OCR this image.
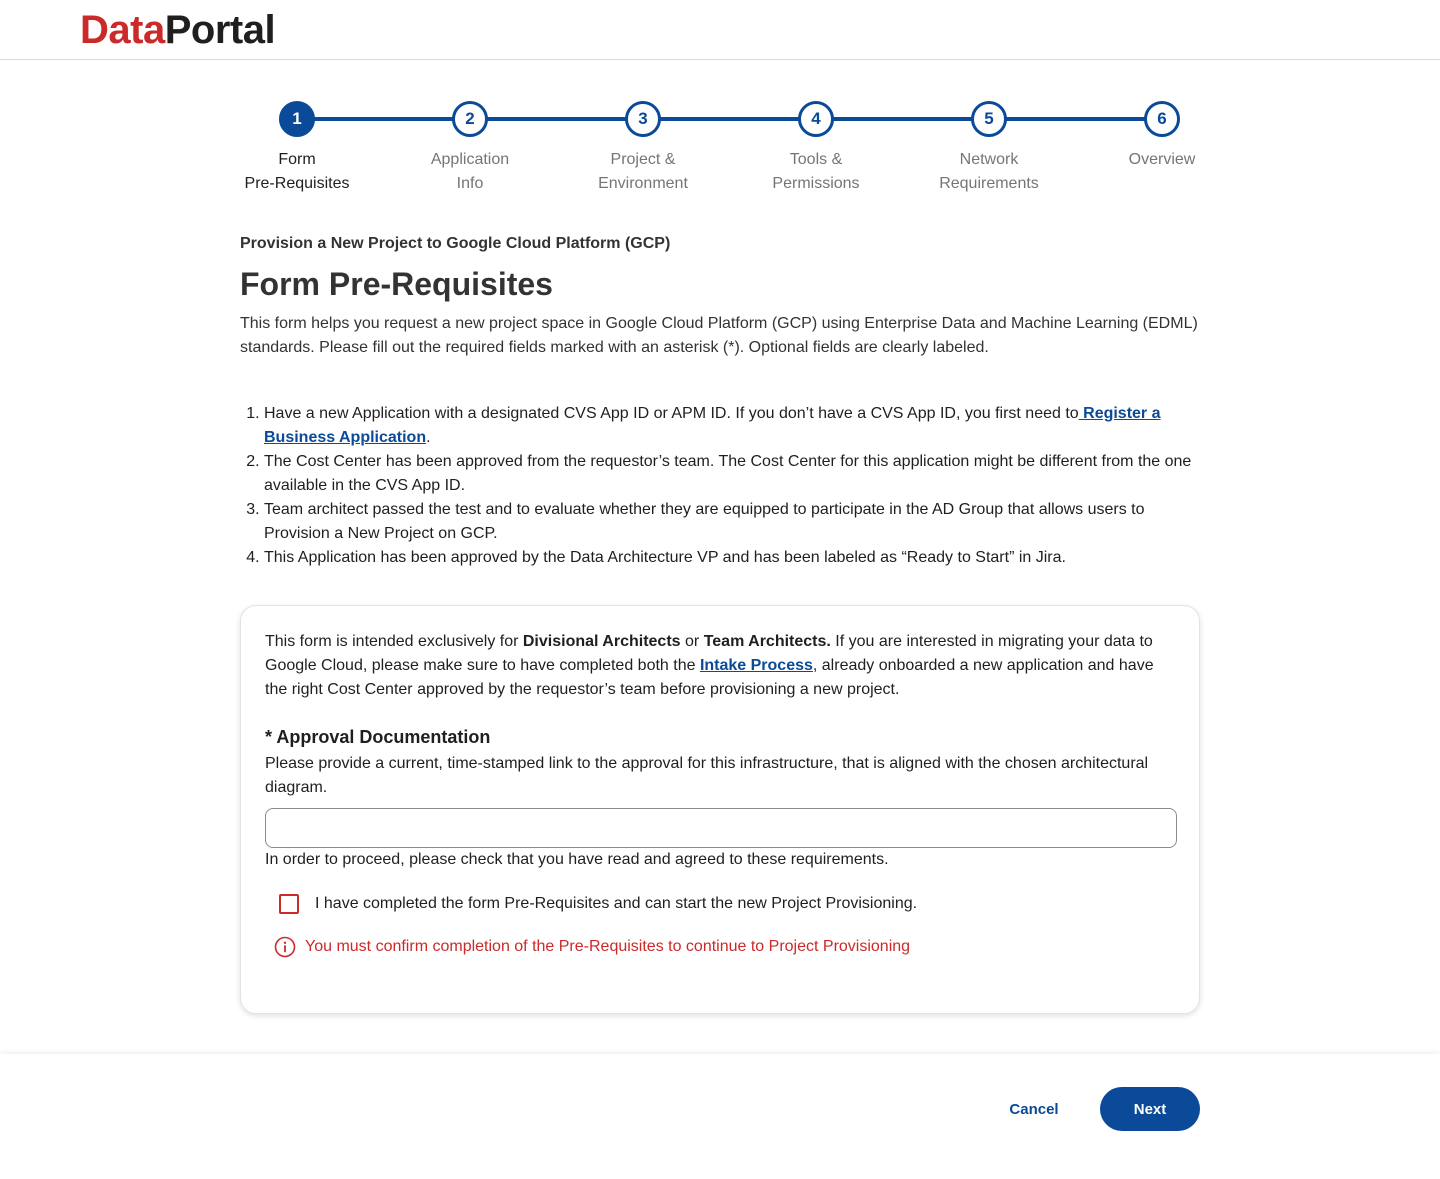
DataPortal
1
Form
Pre-Requisites
2
Application
Info
3
Project &
Environment
4
Tools &
Permissions
5
Network
Requirements
6
Overview
Provision a New Project to Google Cloud Platform (GCP)
Form Pre-Requisites
This form helps you request a new project space in Google Cloud Platform (GCP) using Enterprise Data and Machine Learning (EDML) standards. Please fill out the required fields marked with an asterisk (*). Optional fields are clearly labeled.
1. Have a new Application with a designated CVS App ID or APM ID. If you don’t have a CVS App ID, you first need to Register a Business Application.
2. The Cost Center has been approved from the requestor’s team. The Cost Center for this application might be different from the one available in the CVS App ID.
3. Team architect passed the test and to evaluate whether they are equipped to participate in the AD Group that allows users to Provision a New Project on GCP.
4. This Application has been approved by the Data Architecture VP and has been labeled as “Ready to Start” in Jira.

This form is intended exclusively for Divisional Architects or Team Architects. If you are interested in migrating your data to Google Cloud, please make sure to have completed both the Intake Process, already onboarded a new application and have the right Cost Center approved by the requestor’s team before provisioning a new project.

* Approval Documentation
Please provide a current, time-stamped link to the approval for this infrastructure, that is aligned with the chosen architectural diagram.

In order to proceed, please check that you have read and agreed to these requirements.

I have completed the form Pre-Requisites and can start the new Project Provisioning.
You must confirm completion of the Pre-Requisites to continue to Project Provisioning
Cancel	Next
